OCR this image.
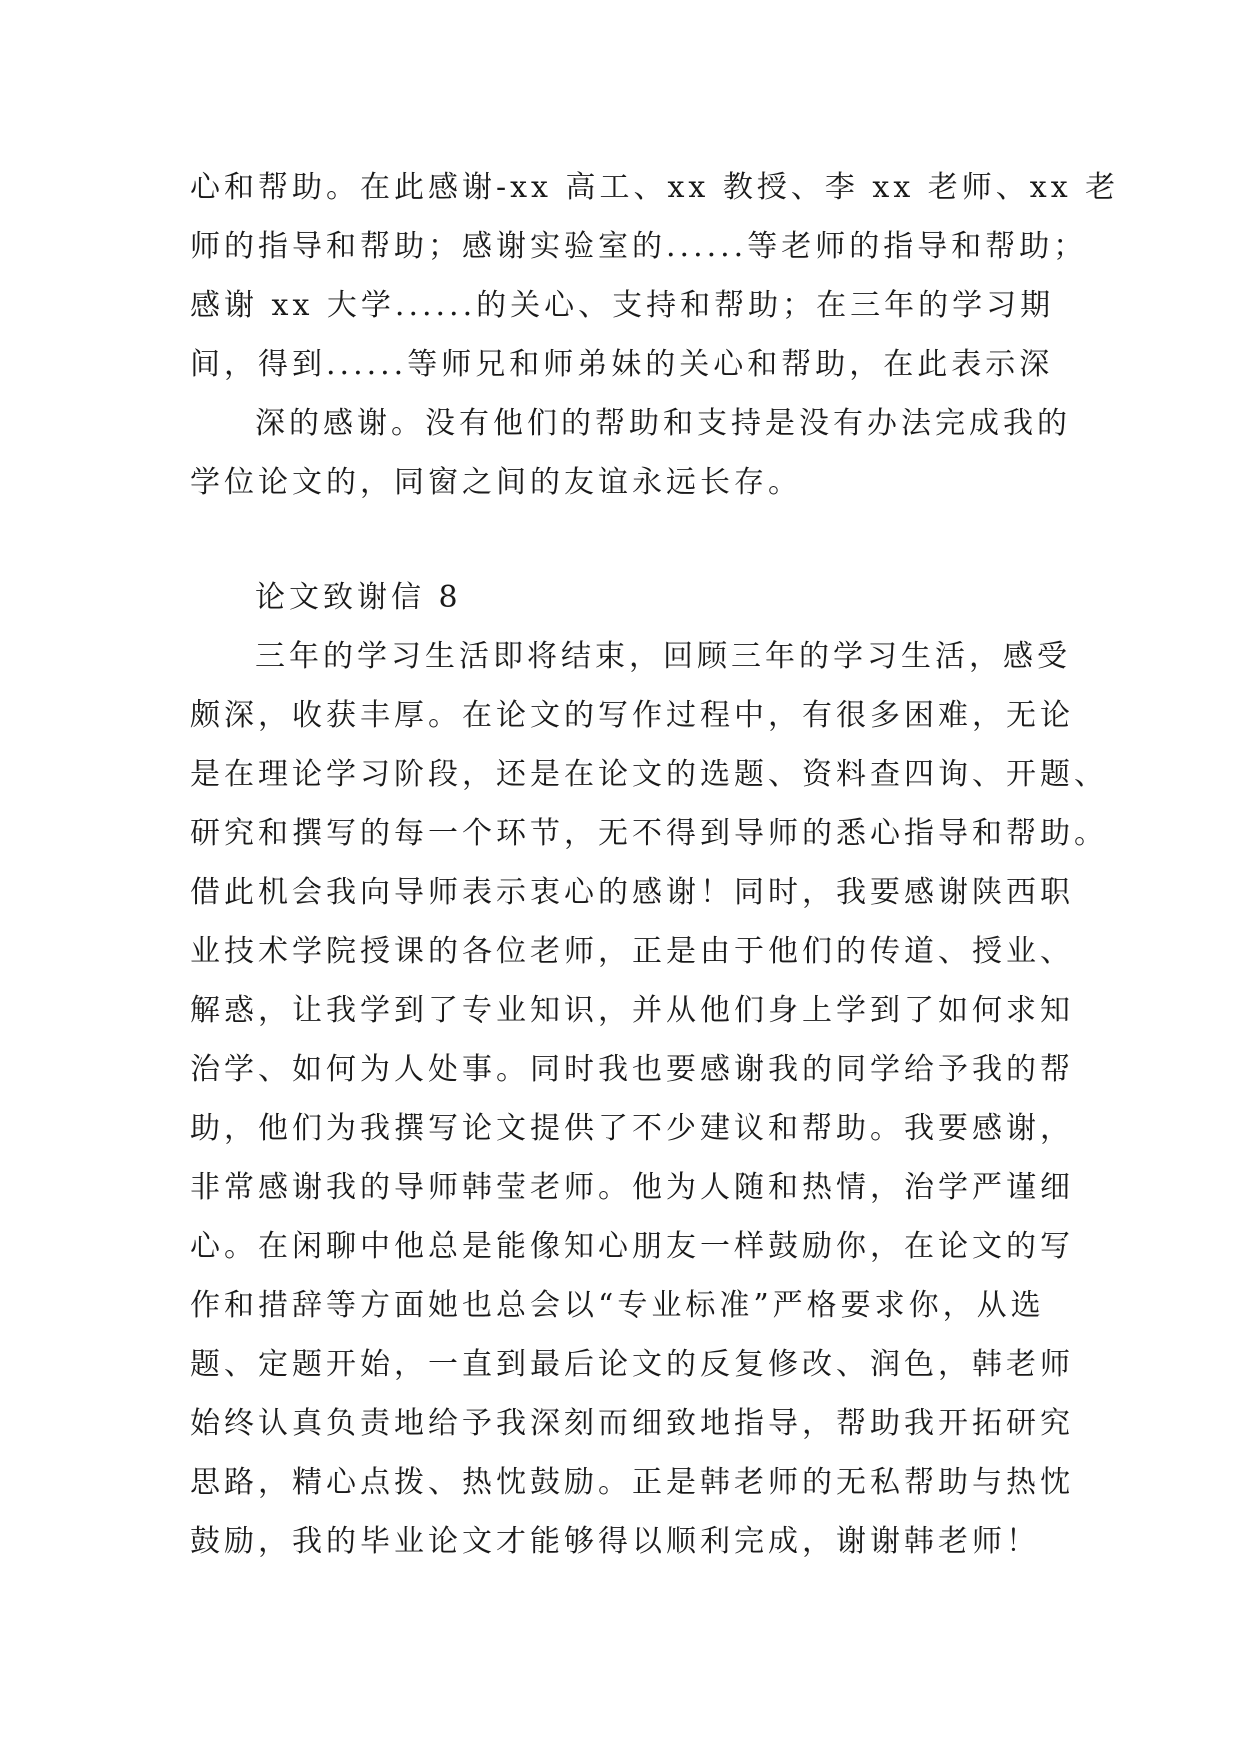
心和帮助。在此感谢-xx 高工、xx 教授、李 xx 老师、xx 老
师的指导和帮助；感谢实验室的......等老师的指导和帮助；
感谢 xx 大学......的关心、支持和帮助；在三年的学习期
间，得到......等师兄和师弟妹的关心和帮助，在此表示深
深的感谢。没有他们的帮助和支持是没有办法完成我的
学位论文的，同窗之间的友谊永远长存。
论文致谢信 8
三年的学习生活即将结束，回顾三年的学习生活，感受
颇深，收获丰厚。在论文的写作过程中，有很多困难，无论
是在理论学习阶段，还是在论文的选题、资料查四询、开题、
研究和撰写的每一个环节，无不得到导师的悉心指导和帮助。
借此机会我向导师表示衷心的感谢！同时，我要感谢陕西职
业技术学院授课的各位老师，正是由于他们的传道、授业、
解惑，让我学到了专业知识，并从他们身上学到了如何求知
治学、如何为人处事。同时我也要感谢我的同学给予我的帮
助，他们为我撰写论文提供了不少建议和帮助。我要感谢，
非常感谢我的导师韩莹老师。他为人随和热情，治学严谨细
心。在闲聊中他总是能像知心朋友一样鼓励你，在论文的写
作和措辞等方面她也总会以“专业标准”严格要求你，从选
题、定题开始，一直到最后论文的反复修改、润色，韩老师
始终认真负责地给予我深刻而细致地指导，帮助我开拓研究
思路，精心点拨、热忱鼓励。正是韩老师的无私帮助与热忱
鼓励，我的毕业论文才能够得以顺利完成，谢谢韩老师！
